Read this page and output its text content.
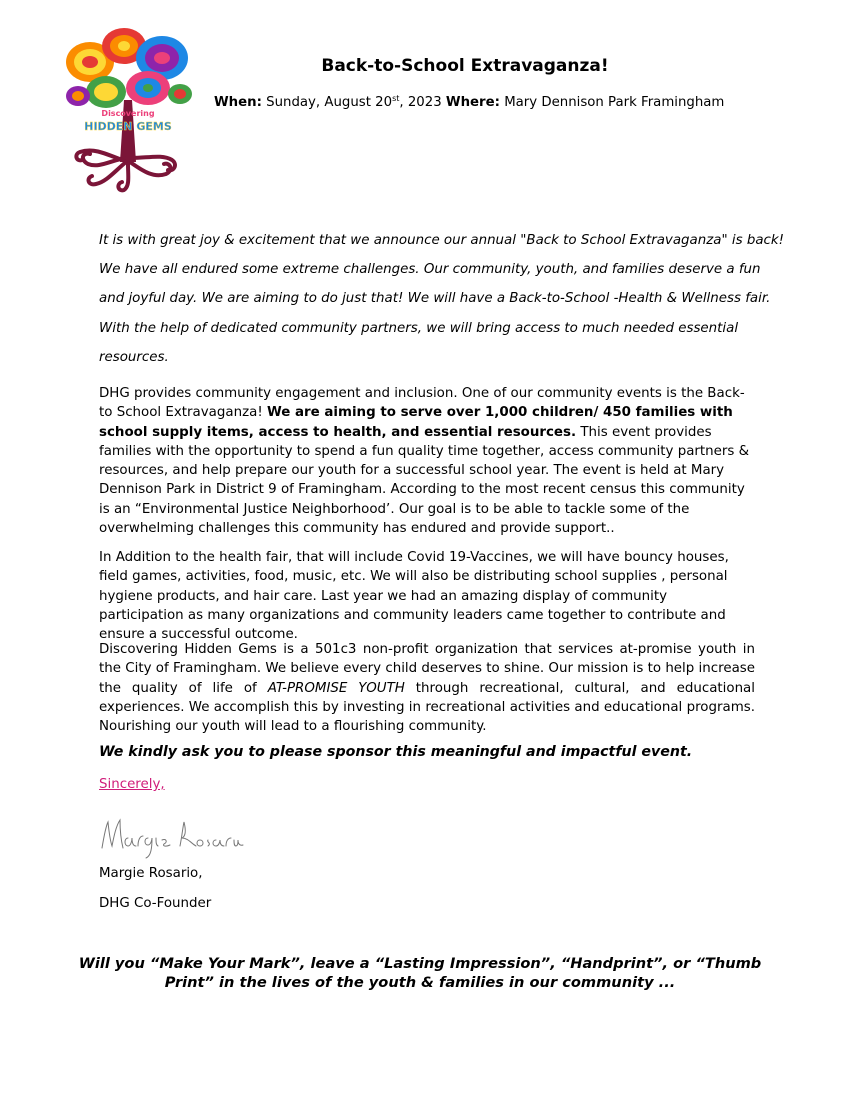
Discovering
HIDDEN GEMS
Back-to-School Extravaganza!
When: Sunday, August 20st, 2023 Where: Mary Dennison Park Framingham

It is with great joy & excitement that we announce our annual "Back to School Extravaganza" is back!

We have all endured some extreme challenges. Our community, youth, and families deserve a fun

and joyful day. We are aiming to do just that! We will have a Back-to-School -Health & Wellness fair.

With the help of dedicated community partners, we will bring access to much needed essential

resources.

DHG provides community engagement and inclusion. One of our community events is the Back-to School Extravaganza! We are aiming to serve over 1,000 children/ 450 families with school supply items, access to health, and essential resources. This event provides families with the opportunity to spend a fun quality time together, access community partners & resources, and help prepare our youth for a successful school year. The event is held at Mary Dennison Park in District 9 of Framingham. According to the most recent census this community is an “Environmental Justice Neighborhood’. Our goal is to be able to tackle some of the overwhelming challenges this community has endured and provide support..

In Addition to the health fair, that will include Covid 19-Vaccines, we will have bouncy houses, field games, activities, food, music, etc. We will also be distributing school supplies , personal hygiene products, and hair care. Last year we had an amazing display of community participation as many organizations and community leaders came together to contribute and ensure a successful outcome.

Discovering Hidden Gems is a 501c3 non-profit organization that services at-promise youth in the City of Framingham. We believe every child deserves to shine. Our mission is to help increase the quality of life of AT-PROMISE YOUTH through recreational, cultural, and educational experiences. We accomplish this by investing in recreational activities and educational programs. Nourishing our youth will lead to a flourishing community.

We kindly ask you to please sponsor this meaningful and impactful event.
Sincerely,
Margie Rosario,
DHG Co-Founder
Will you “Make Your Mark”, leave a “Lasting Impression”, “Handprint”, or “Thumb
Print” in the lives of the youth & families in our community ...
